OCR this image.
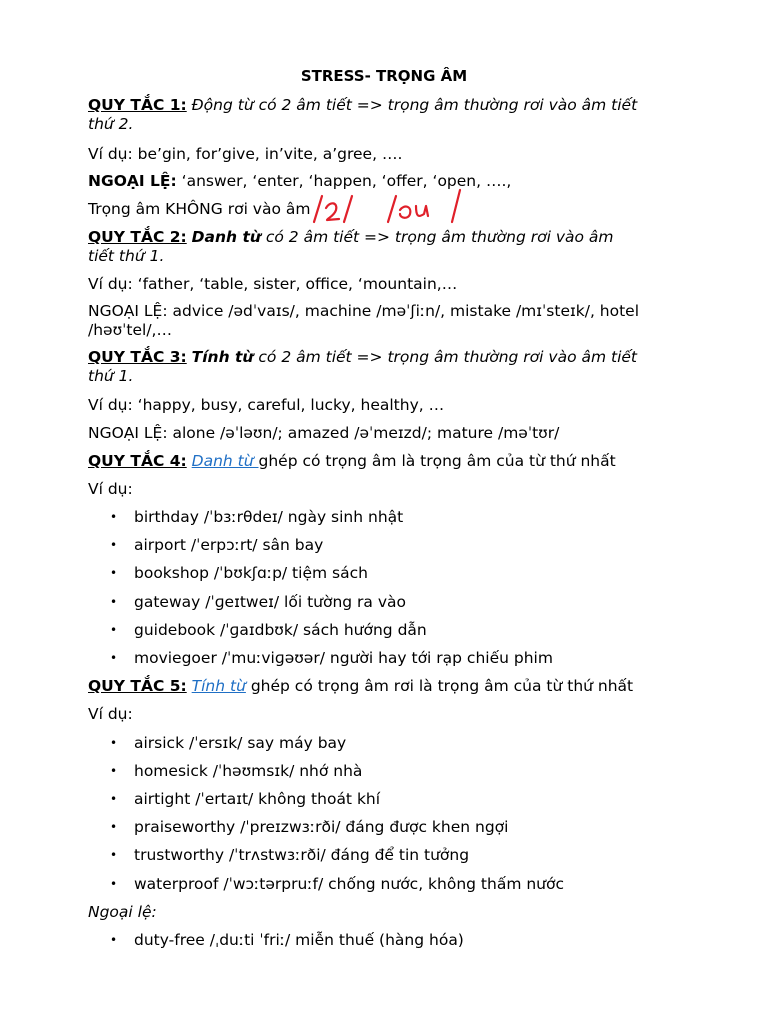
STRESS- TRỌNG ÂM
QUY TẮC 1: Động từ có 2 âm tiết => trọng âm thường rơi vào âm tiết
thứ 2.
Ví dụ: be’gin, for’give, in’vite, a’gree, ….
NGOẠI LỆ: ‘answer, ‘enter, ‘happen, ‘offer, ‘open, ….,
Trọng âm KHÔNG rơi vào âm
QUY TẮC 2: Danh từ có 2 âm tiết => trọng âm thường rơi vào âm
tiết thứ 1.
Ví dụ: ‘father, ‘table, sister, office, ‘mountain,…
NGOẠI LỆ: advice /ədˈvaɪs/, machine /məˈʃiːn/, mistake /mɪˈsteɪk/, hotel
/həʊˈtel/,…
QUY TẮC 3: Tính từ có 2 âm tiết => trọng âm thường rơi vào âm tiết
thứ 1.
Ví dụ: ‘happy, busy, careful, lucky, healthy, …
NGOẠI LỆ: alone /əˈləʊn/; amazed /əˈmeɪzd/; mature /məˈtʊr/
QUY TẮC 4: Danh từ ghép có trọng âm là trọng âm của từ thứ nhất
Ví dụ:
• birthday /ˈbɜːrθdeɪ/ ngày sinh nhật
• airport /ˈerpɔːrt/ sân bay
• bookshop /ˈbʊkʃɑːp/ tiệm sách
• gateway /ˈɡeɪtweɪ/ lối tường ra vào
• guidebook /ˈɡaɪdbʊk/ sách hướng dẫn
• moviegoer /ˈmuːviɡəʊər/ người hay tới rạp chiếu phim
QUY TẮC 5: Tính từ ghép có trọng âm rơi là trọng âm của từ thứ nhất
Ví dụ:
• airsick /ˈersɪk/ say máy bay
• homesick /ˈhəʊmsɪk/ nhớ nhà
• airtight /ˈertaɪt/ không thoát khí
• praiseworthy /ˈpreɪzwɜːrði/ đáng được khen ngợi
• trustworthy /ˈtrʌstwɜːrði/ đáng để tin tưởng
• waterproof /ˈwɔːtərpruːf/ chống nước, không thấm nước
Ngoại lệ:
• duty-free /ˌduːti ˈfriː/ miễn thuế (hàng hóa)
